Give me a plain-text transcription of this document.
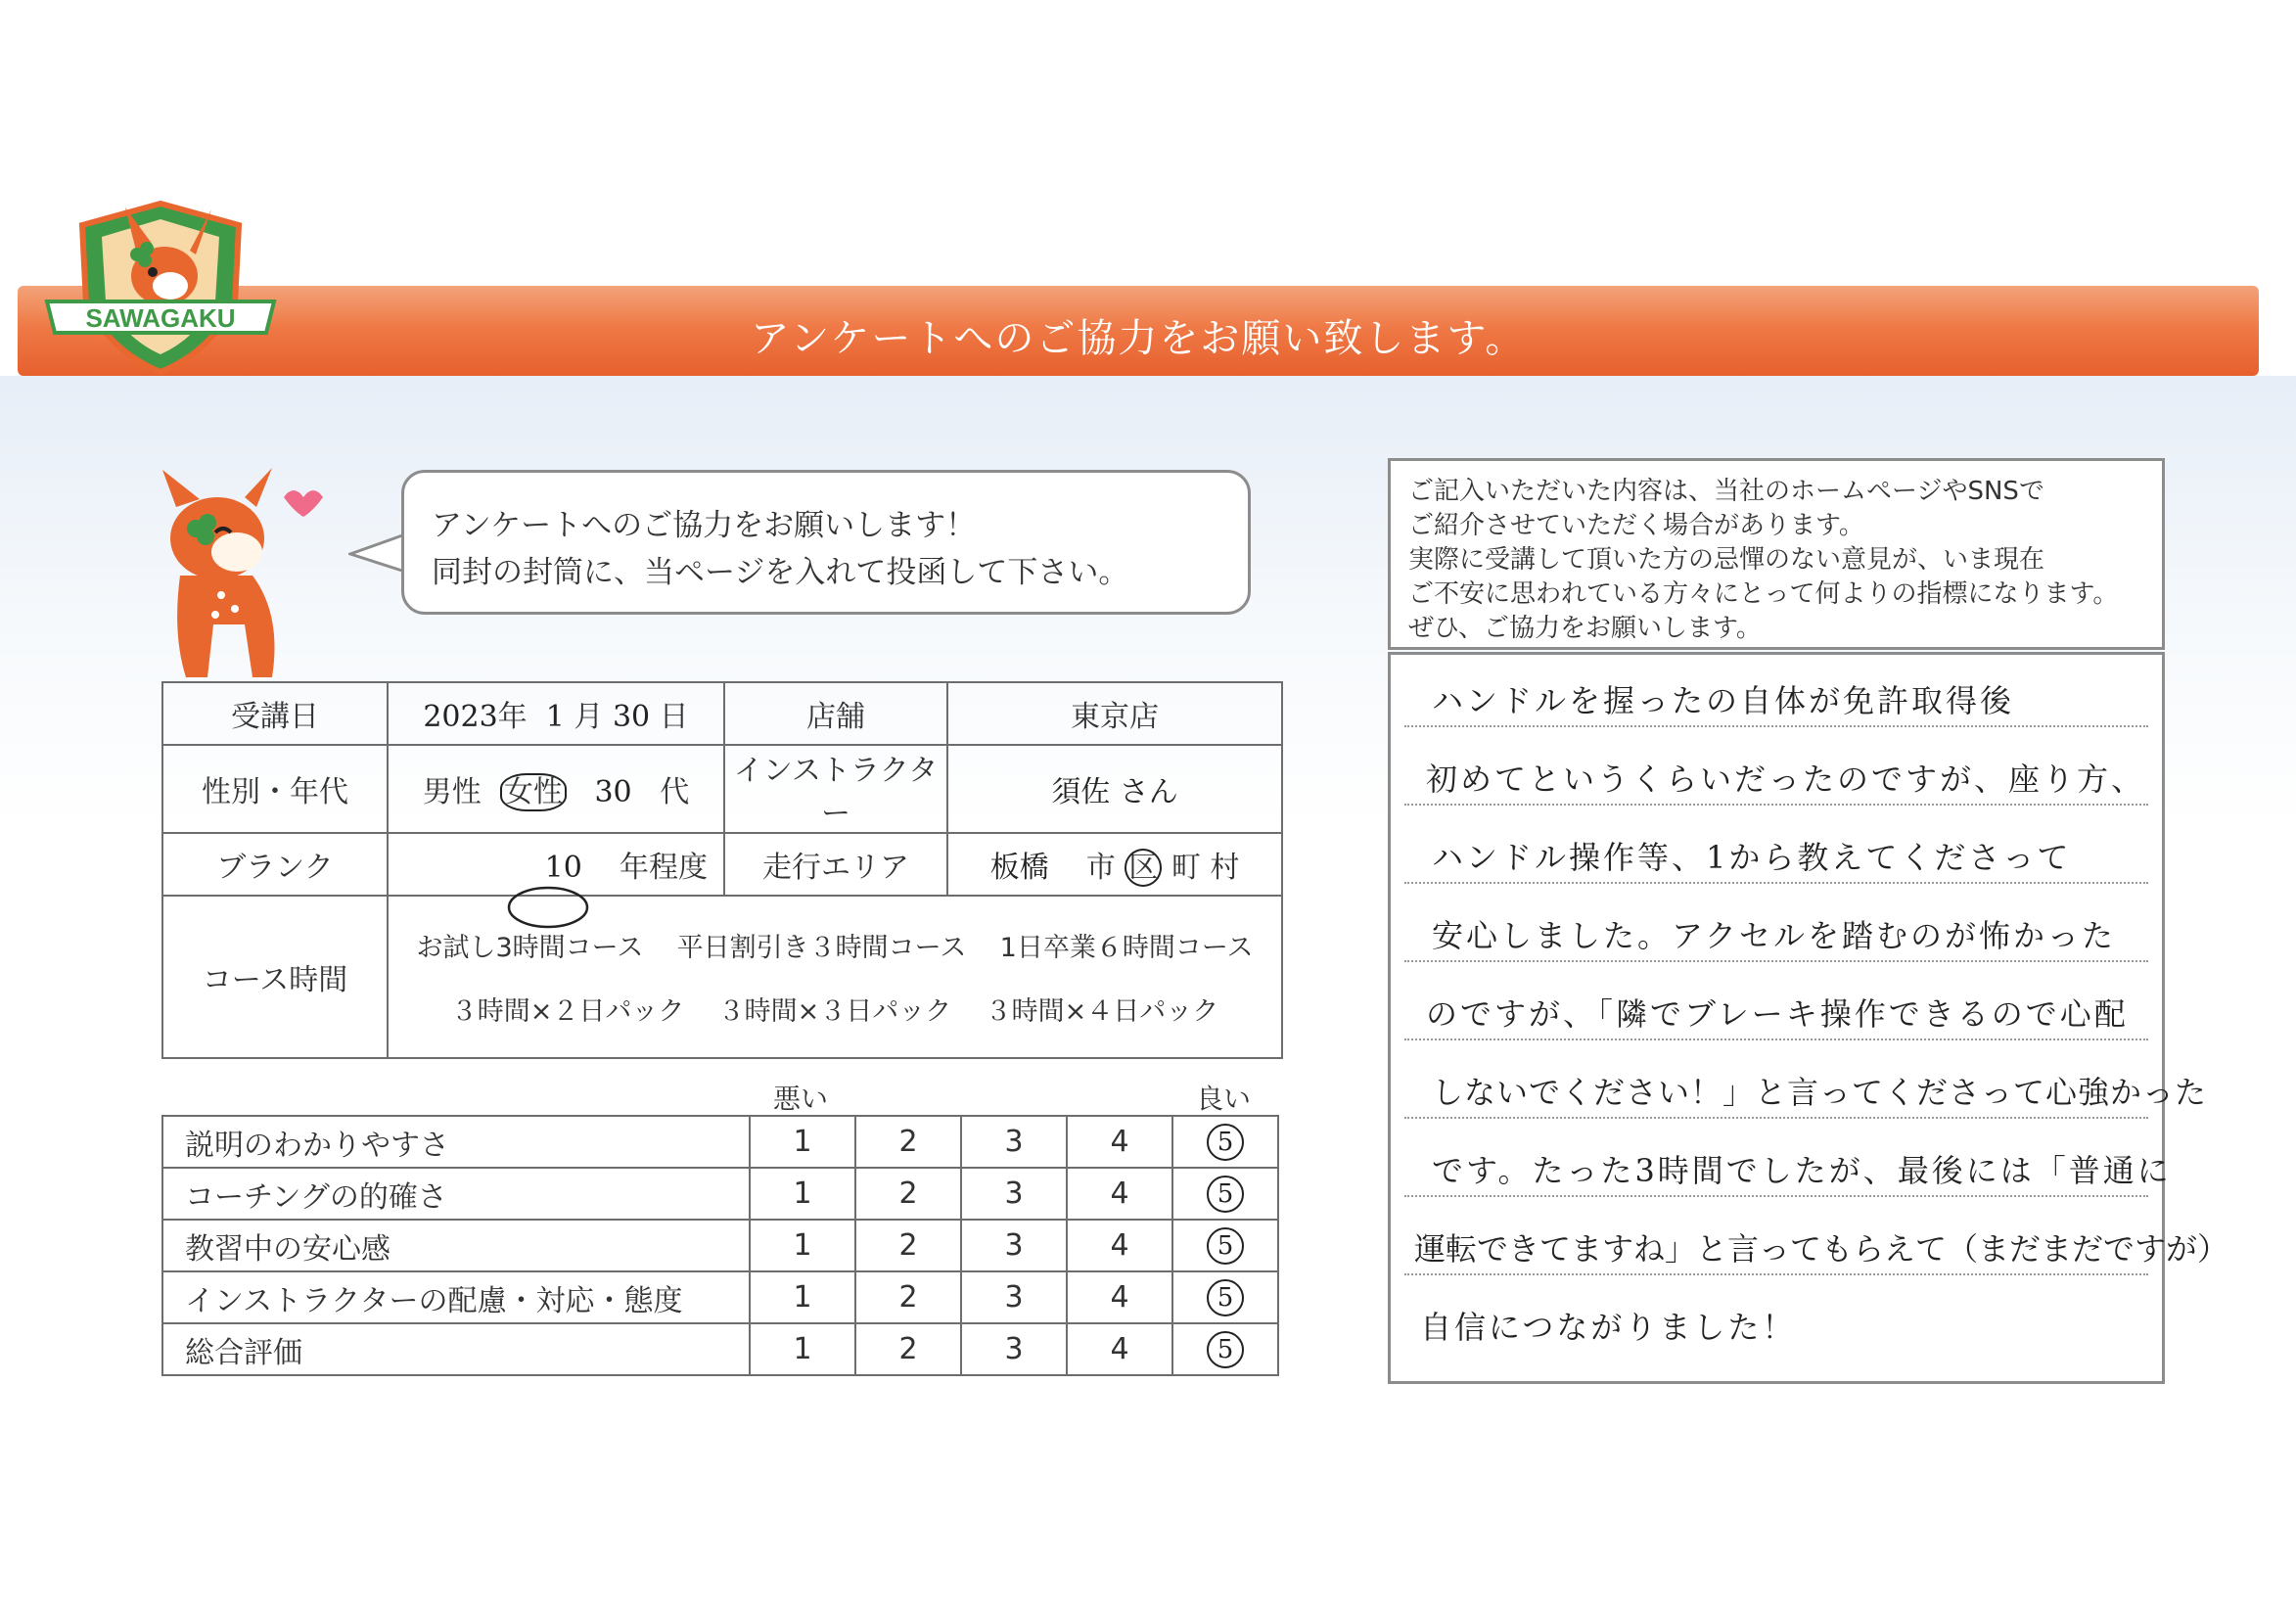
アンケートへのご協力をお願い致します。
SAWAGAKU
アンケートへのご協力をお願いします！
同封の封筒に、当ページを入れて投函して下さい。
ご記入いただいた内容は、当社のホームページやSNSで
ご紹介させていただく場合があります。
実際に受講して頂いた方の忌憚のない意見が、いま現在
ご不安に思われている方々にとって何よりの指標になります。
ぜひ、ご協力をお願いします。
受講日	2023年 1 月 30 日	店舗	東京店
性別・年代	男性 女性 30 代	インストラクター	須佐 さん
ブランク	10 年程度	走行エリア	板橋 市 区 町 村
コース時間	お試し3時間コース 平日割引き３時間コース 1日卒業６時間コース
３時間×２日パック ３時間×３日パック ３時間×４日パック		
悪い	良い
説明のわかりやすさ	1	2	3	4	5
コーチングの的確さ	1	2	3	4	5
教習中の安心感	1	2	3	4	5
インストラクターの配慮・対応・態度	1	2	3	4	5
総合評価	1	2	3	4	5
ハンドルを握ったの自体が免許取得後
初めてというくらいだったのですが、座り方、
ハンドル操作等、1から教えてくださって
安心しました。アクセルを踏むのが怖かった
のですが、「隣でブレーキ操作できるので心配
しないでください！」と言ってくださって心強かった
です。たった3時間でしたが、最後には「普通に
運転できてますね」と言ってもらえて（まだまだですが）
自信につながりました！
